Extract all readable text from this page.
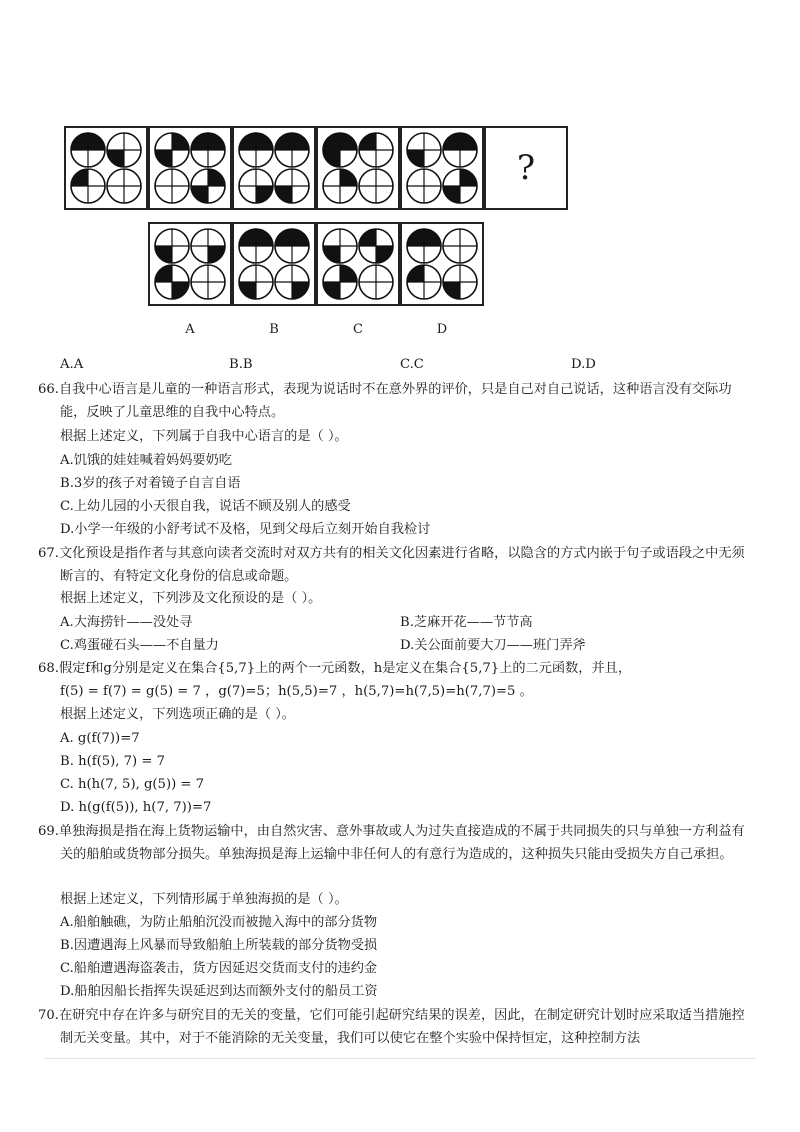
?
A	B	C	D
A.A	B.B	C.C	D.D
66.自我中心语言是儿童的一种语言形式，表现为说话时不在意外界的评价，只是自己对自己说话，这种语言没有交际功能，反映了儿童思维的自我中心特点。
根据上述定义，下列属于自我中心语言的是（ ）。
A.饥饿的娃娃喊着妈妈要奶吃
B.3岁的孩子对着镜子自言自语
C.上幼儿园的小天很自我，说话不顾及别人的感受
D.小学一年级的小舒考试不及格，见到父母后立刻开始自我检讨
67.文化预设是指作者与其意向读者交流时对双方共有的相关文化因素进行省略，以隐含的方式内嵌于句子或语段之中无须断言的、有特定文化身份的信息或命题。
根据上述定义，下列涉及文化预设的是（ ）。
A.大海捞针——没处寻	B.芝麻开花——节节高
C.鸡蛋碰石头——不自量力	D.关公面前要大刀——班门弄斧
68.假定f和g分别是定义在集合{5,7}上的两个一元函数，h是定义在集合{5,7}上的二元函数，并且，
f(5) = f(7) = g(5) = 7 ，g(7)=5；h(5,5)=7 ，h(5,7)=h(7,5)=h(7,7)=5 。
根据上述定义，下列选项正确的是（ ）。
A. g(f(7))=7
B. h(f(5), 7) = 7
C. h(h(7, 5), g(5)) = 7
D. h(g(f(5)), h(7, 7))=7
69.单独海损是指在海上货物运输中，由自然灾害、意外事故或人为过失直接造成的不属于共同损失的只与单独一方利益有关的船舶或货物部分损失。单独海损是海上运输中非任何人的有意行为造成的，这种损失只能由受损失方自己承担。
根据上述定义，下列情形属于单独海损的是（ ）。
A.船舶触礁，为防止船舶沉没而被抛入海中的部分货物
B.因遭遇海上风暴而导致船舶上所装载的部分货物受损
C.船舶遭遇海盗袭击，货方因延迟交货而支付的违约金
D.船舶因船长指挥失误延迟到达而额外支付的船员工资
70.在研究中存在许多与研究目的无关的变量，它们可能引起研究结果的误差，因此，在制定研究计划时应采取适当措施控制无关变量。其中，对于不能消除的无关变量，我们可以使它在整个实验中保持恒定，这种控制方法
